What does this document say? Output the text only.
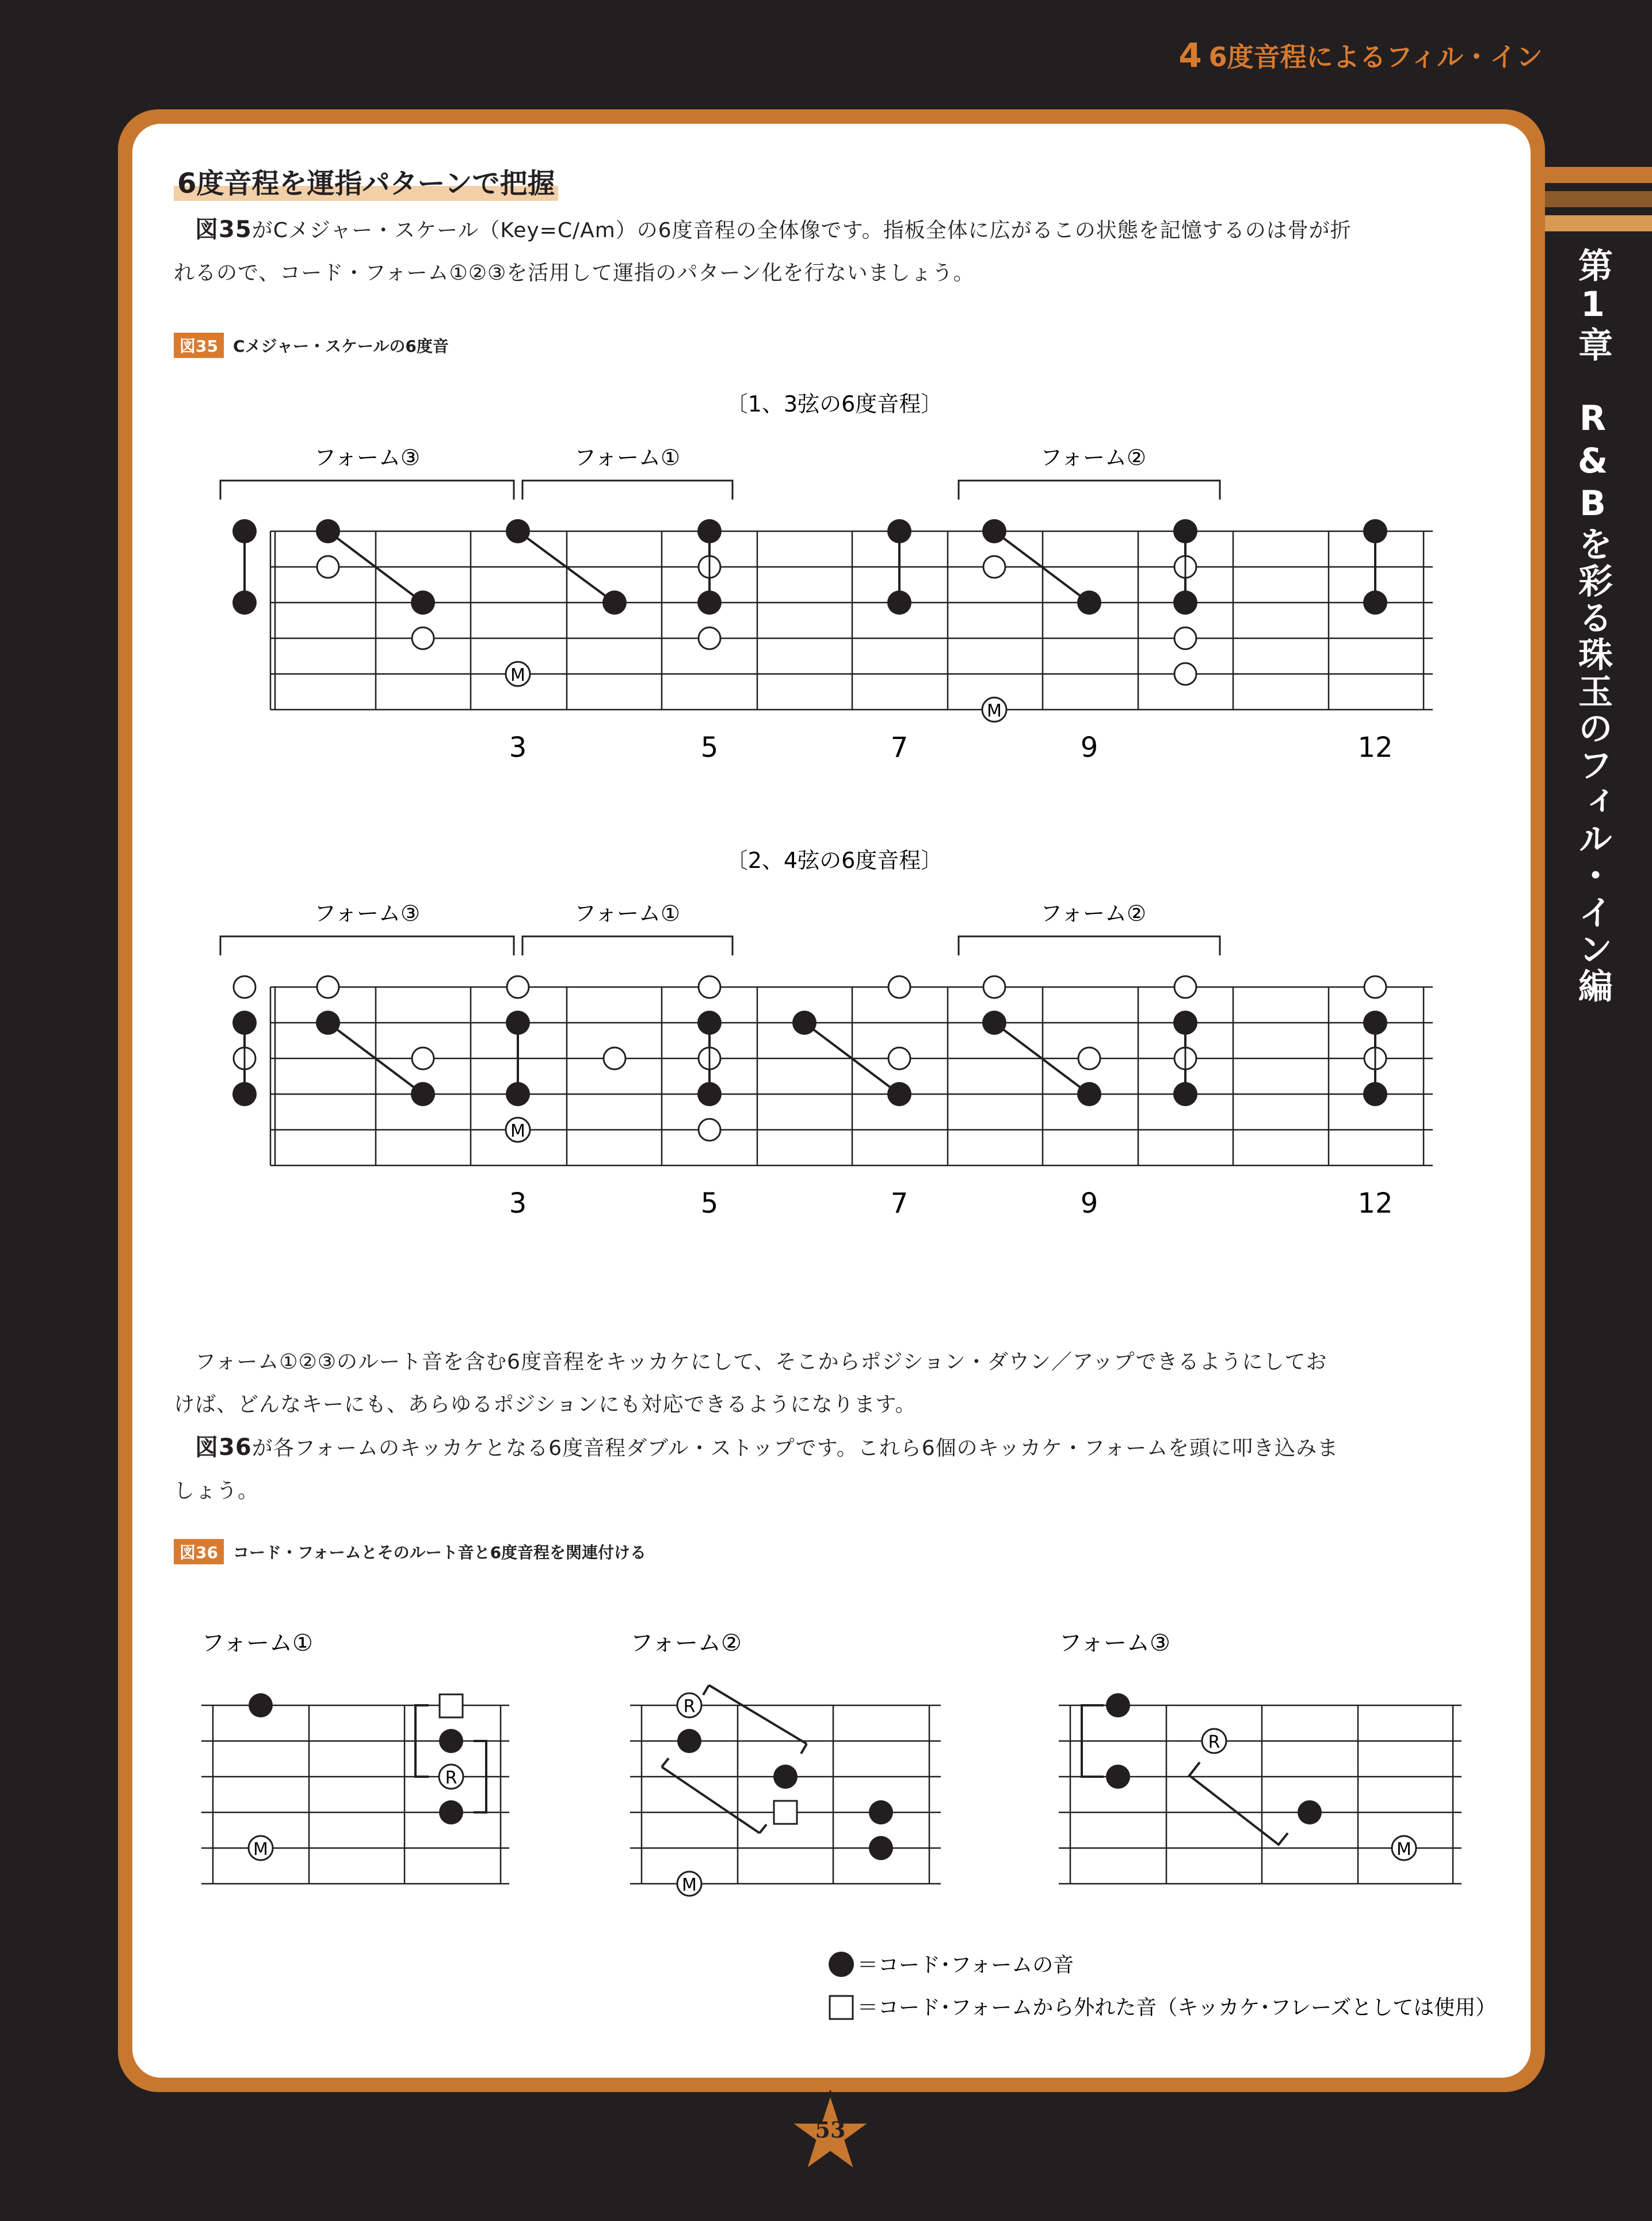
4 6度音程によるフィル・イン
第1章R&Bを彩る珠玉のフィル・イン編
6度音程を運指パターンで把握
　図35がCメジャー・スケール（Key=C/Am）の6度音程の全体像です。指板全体に広がるこの状態を記憶するのは骨が折
れるので、コード・フォーム①②③を活用して運指のパターン化を行ないましょう。
図35 Cメジャー・スケールの6度音
　フォーム①②③のルート音を含む6度音程をキッカケにして、そこからポジション・ダウン／アップできるようにしてお
けば、どんなキーにも、あらゆるポジションにも対応できるようになります。
　図36が各フォームのキッカケとなる6度音程ダブル・ストップです。これら6個のキッカケ・フォームを頭に叩き込みま
しょう。
図36 コード・フォームとそのルート音と6度音程を関連付ける
〔1、3弦の6度音程〕
フォーム③	フォーム①	フォーム②
M
M
3	5	7	9	12
〔2、4弦の6度音程〕
フォーム③	フォーム①	フォーム②
M
3	5	7	9	12
フォーム①
M
R
フォーム②
R
M
フォーム③
R
M
＝コード･フォームの音
＝コード･フォームから外れた音（キッカケ･フレーズとしては使用）
53
